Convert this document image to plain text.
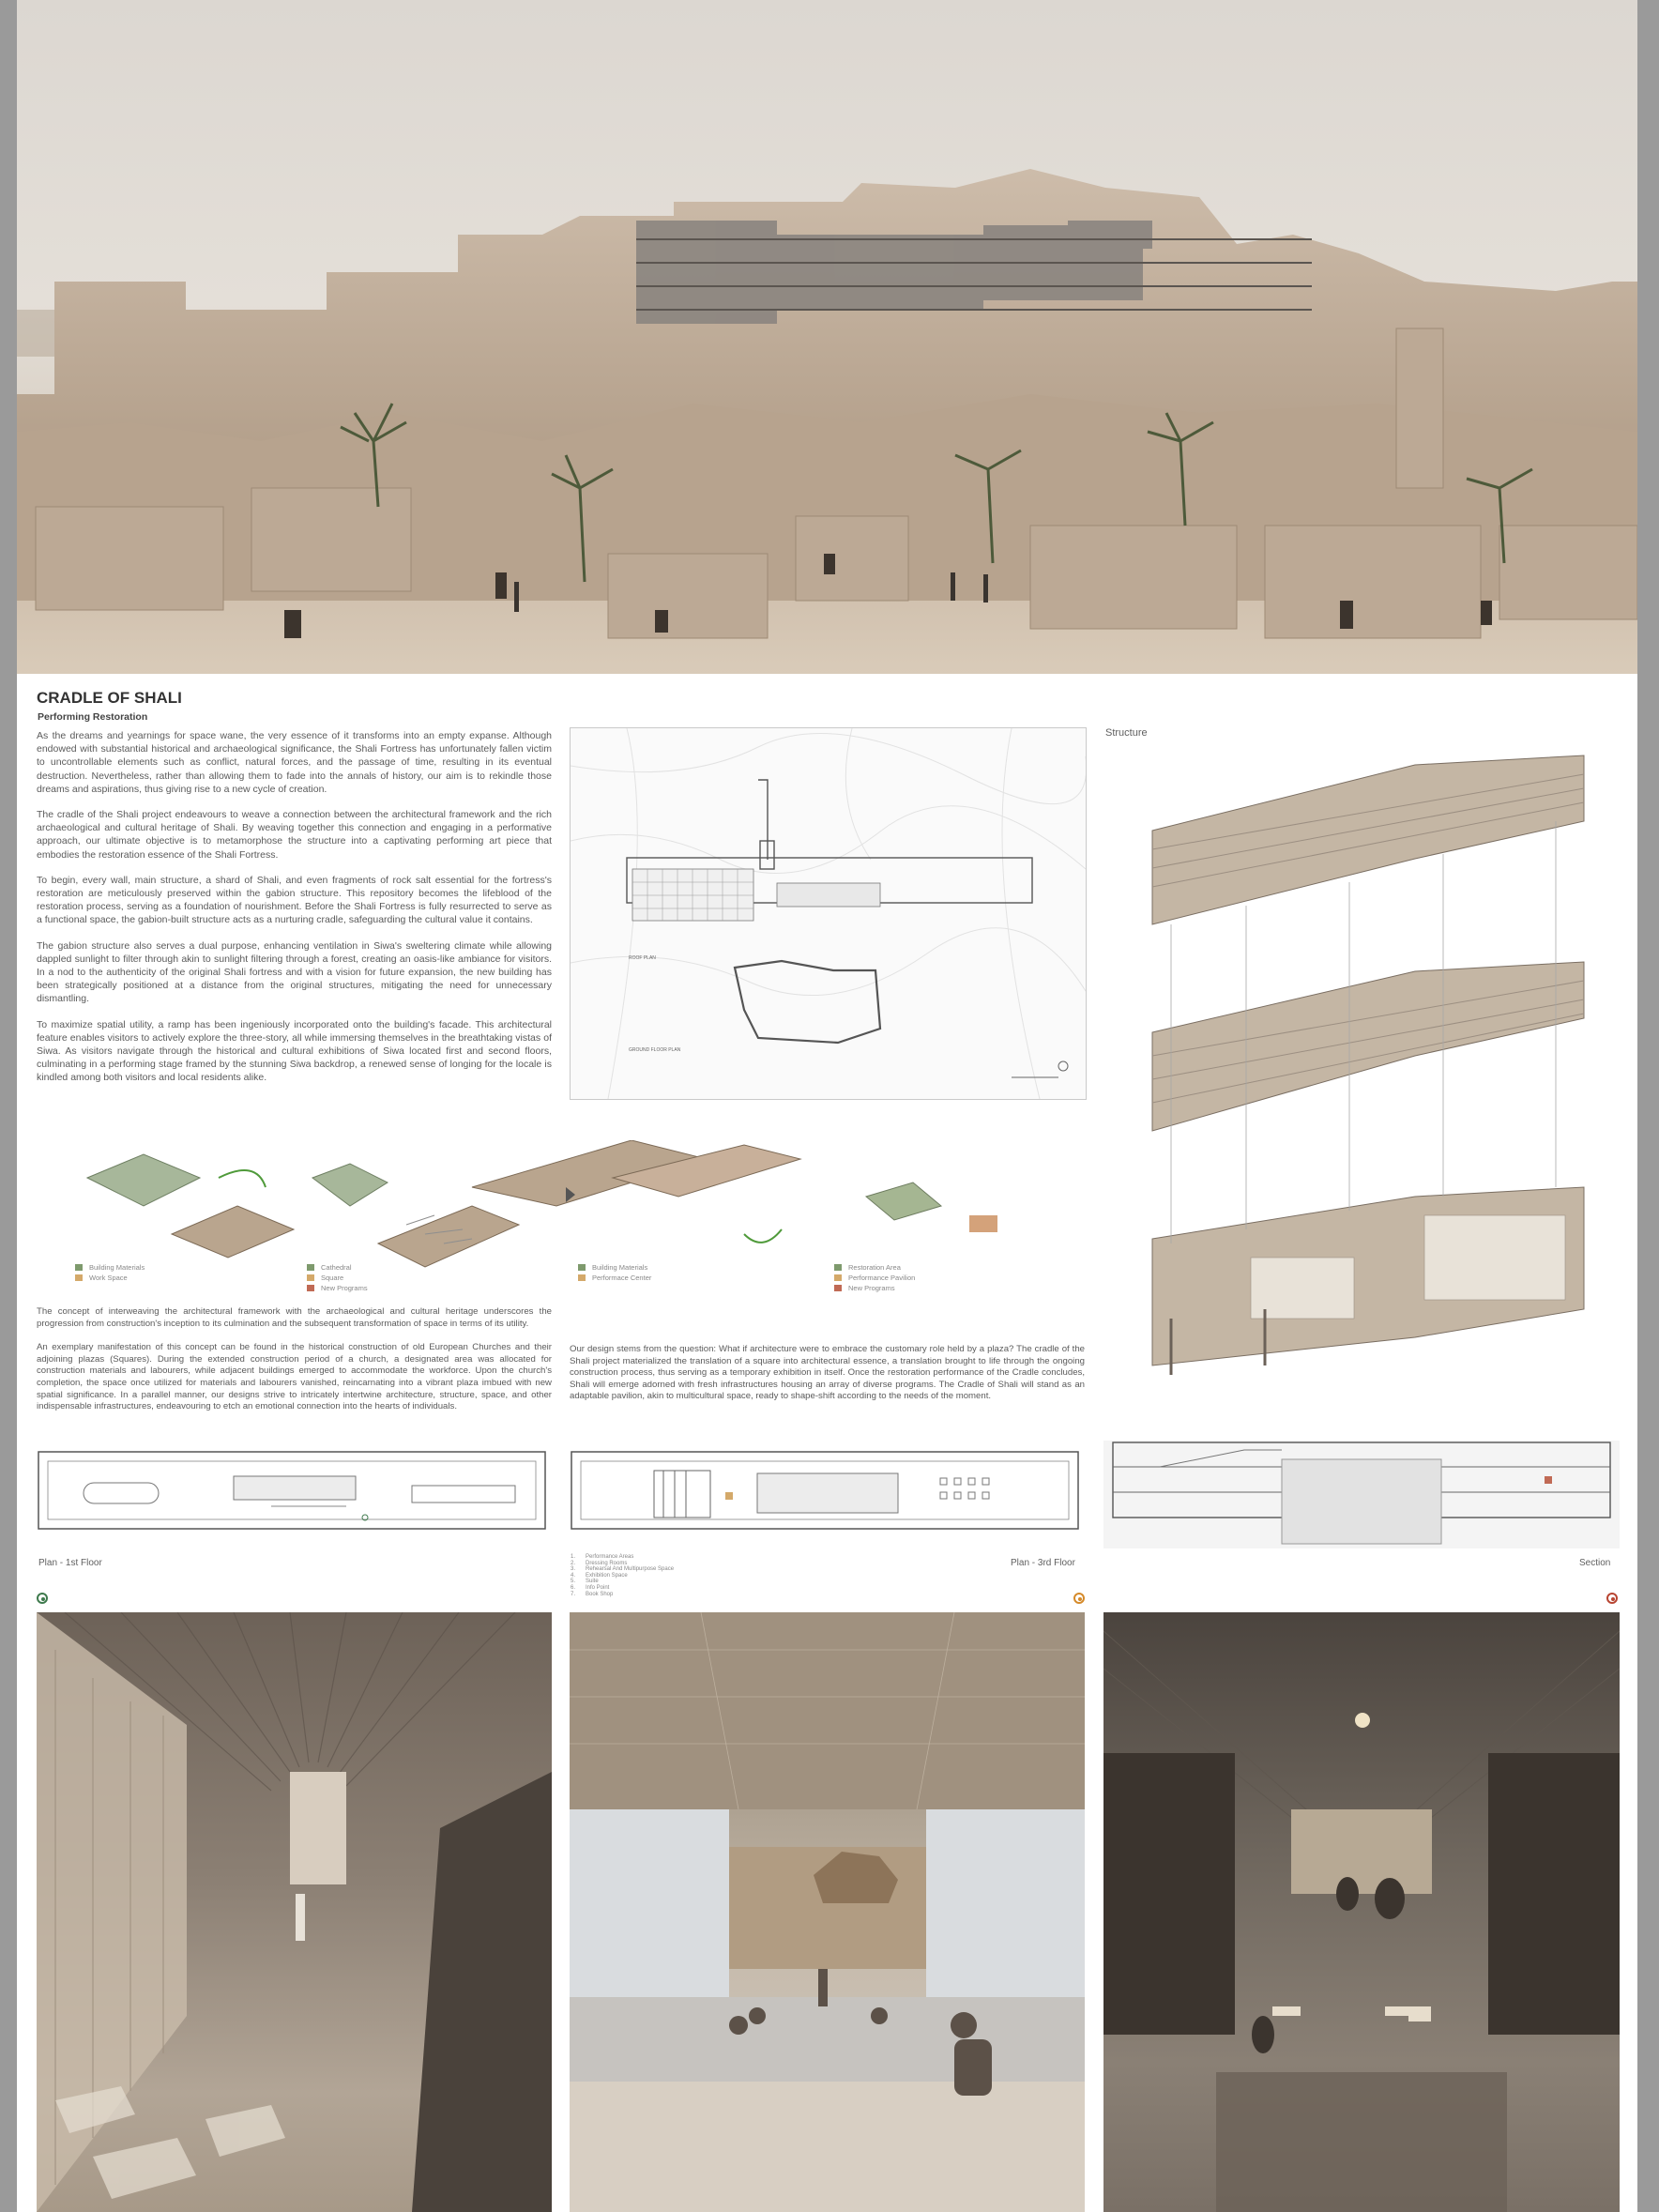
CRADLE OF SHALI
Performing Restoration

As the dreams and yearnings for space wane, the very essence of it transforms into an empty expanse. Although endowed with substantial historical and archaeological significance, the Shali Fortress has unfortunately fallen victim to uncontrollable elements such as conflict, natural forces, and the passage of time, resulting in its eventual destruction. Nevertheless, rather than allowing them to fade into the annals of history, our aim is to rekindle those dreams and aspirations, thus giving rise to a new cycle of creation.

The cradle of the Shali project endeavours to weave a connection between the architectural framework and the rich archaeological and cultural heritage of Shali. By weaving together this connection and engaging in a performative approach, our ultimate objective is to metamorphose the structure into a captivating performing art piece that embodies the restoration essence of the Shali Fortress.

To begin, every wall, main structure, a shard of Shali, and even fragments of rock salt essential for the fortress's restoration are meticulously preserved within the gabion structure. This repository becomes the lifeblood of the restoration process, serving as a foundation of nourishment. Before the Shali Fortress is fully resurrected to serve as a functional space, the gabion-built structure acts as a nurturing cradle, safeguarding the cultural value it contains.

The gabion structure also serves a dual purpose, enhancing ventilation in Siwa's sweltering climate while allowing dappled sunlight to filter through akin to sunlight filtering through a forest, creating an oasis-like ambiance for visitors. In a nod to the authenticity of the original Shali fortress and with a vision for future expansion, the new building has been strategically positioned at a distance from the original structures, mitigating the need for unnecessary dismantling.

To maximize spatial utility, a ramp has been ingeniously incorporated onto the building's facade. This architectural feature enables visitors to actively explore the three-story, all while immersing themselves in the breathtaking vistas of Siwa. As visitors navigate through the historical and cultural exhibitions of Siwa located first and second floors, culminating in a performing stage framed by the stunning Siwa backdrop, a renewed sense of longing for the locale is kindled among both visitors and local residents alike.

ROOF PLAN
GROUND FLOOR PLAN
Structure
Building Materials
Work Space
Cathedral
Square
New Programs
Building Materials
Performace Center
Restoration Area
Performance Pavilion
New Programs

The concept of interweaving the architectural framework with the archaeological and cultural heritage underscores the progression from construction's inception to its culmination and the subsequent transformation of space in terms of its utility.

An exemplary manifestation of this concept can be found in the historical construction of old European Churches and their adjoining plazas (Squares). During the extended construction period of a church, a designated area was allocated for construction materials and labourers, while adjacent buildings emerged to accommodate the workforce. Upon the church's completion, the space once utilized for materials and labourers vanished, reincarnating into a vibrant plaza imbued with new spatial significance. In a parallel manner, our designs strive to intricately intertwine architecture, structure, space, and other indispensable infrastructures, endeavouring to etch an emotional connection into the hearts of individuals.

Our design stems from the question: What if architecture were to embrace the customary role held by a plaza? The cradle of the Shali project materialized the translation of a square into architectural essence, a translation brought to life through the ongoing construction process, thus serving as a temporary exhibition in itself. Once the restoration performance of the Cradle concludes, Shali will emerge adorned with fresh infrastructures housing an array of diverse programs. The Cradle of Shali will stand as an adaptable pavilion, akin to multicultural space, ready to shape-shift according to the needs of the moment.

Plan - 1st Floor	Plan - 3rd Floor	Section
1.	Performance Areas
2.	Dressing Rooms
3.	Rehearsal And Multipurpose Space
4.	Exhibition Space
5.	Suite
6.	Info Point
7.	Book Shop
